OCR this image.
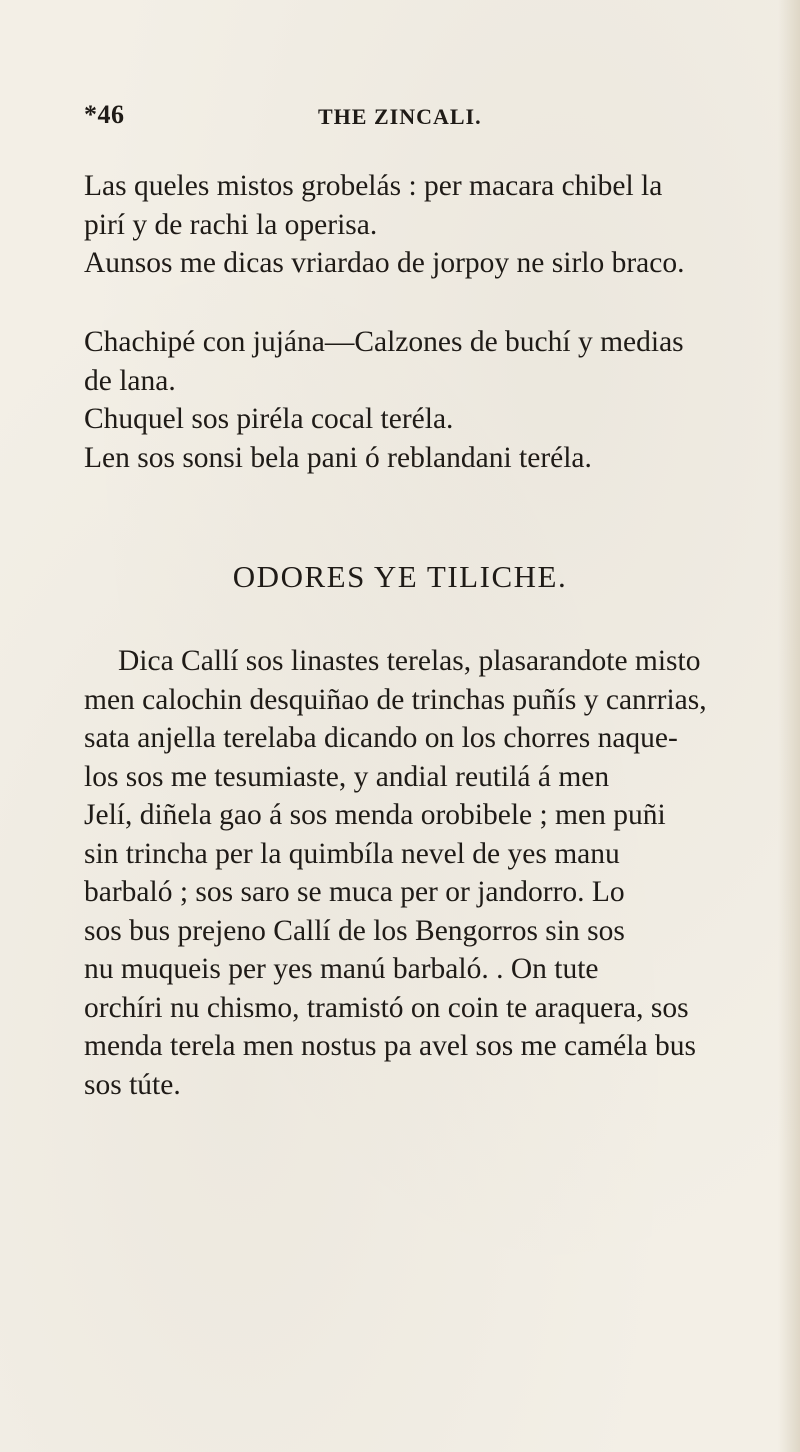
*46	THE ZINCALI.
Las queles mistos grobelás : per macara chibel la
pirí y de rachi la operisa.
Aunsos me dicas vriardao de jorpoy ne sirlo braco.
Chachipé con jujána—Calzones de buchí y medias
de lana.
Chuquel sos piréla cocal teréla.
Len sos sonsi bela pani ó reblandani teréla.
ODORES YE TILICHE.
Dica Callí sos linastes terelas, plasarandote misto
men calochin desquiñao de trinchas puñís y canrrias,
sata anjella terelaba dicando on los chorres naque-
los sos me tesumiaste, y andial reutilá á men
Jelí, diñela gao á sos menda orobibele ; men puñi
sin trincha per la quimbíla nevel de yes manu
barbaló ; sos saro se muca per or jandorro. Lo
sos bus prejeno Callí de los Bengorros sin sos
nu muqueis per yes manú barbaló. . On tute
orchíri nu chismo, tramistó on coin te araquera, sos
menda terela men nostus pa avel sos me caméla bus
sos túte.
